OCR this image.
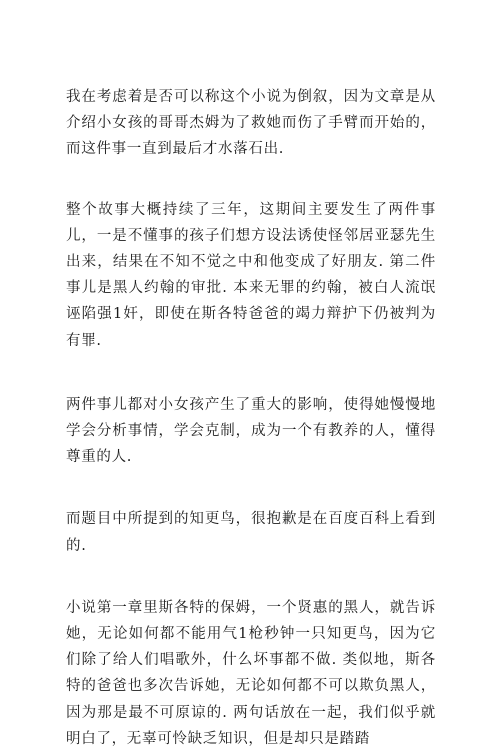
我在考虑着是否可以称这个小说为倒叙，因为文章是从介绍小女孩的哥哥杰姆为了救她而伤了手臂而开始的，而这件事一直到最后才水落石出.

整个故事大概持续了三年，这期间主要发生了两件事儿，一是不懂事的孩子们想方设法诱使怪邻居亚瑟先生出来，结果在不知不觉之中和他变成了好朋友. 第二件事儿是黑人约翰的审批. 本来无罪的约翰，被白人流氓诬陷强1奸，即使在斯各特爸爸的竭力辩护下仍被判为有罪.

两件事儿都对小女孩产生了重大的影响，使得她慢慢地学会分析事情，学会克制，成为一个有教养的人，懂得尊重的人.

而题目中所提到的知更鸟，很抱歉是在百度百科上看到的.

小说第一章里斯各特的保姆，一个贤惠的黑人，就告诉她，无论如何都不能用气1枪秒钟一只知更鸟，因为它们除了给人们唱歌外，什么坏事都不做. 类似地，斯各特的爸爸也多次告诉她，无论如何都不可以欺负黑人，因为那是最不可原谅的. 两句话放在一起，我们似乎就明白了，无辜可怜缺乏知识，但是却只是踏踏
